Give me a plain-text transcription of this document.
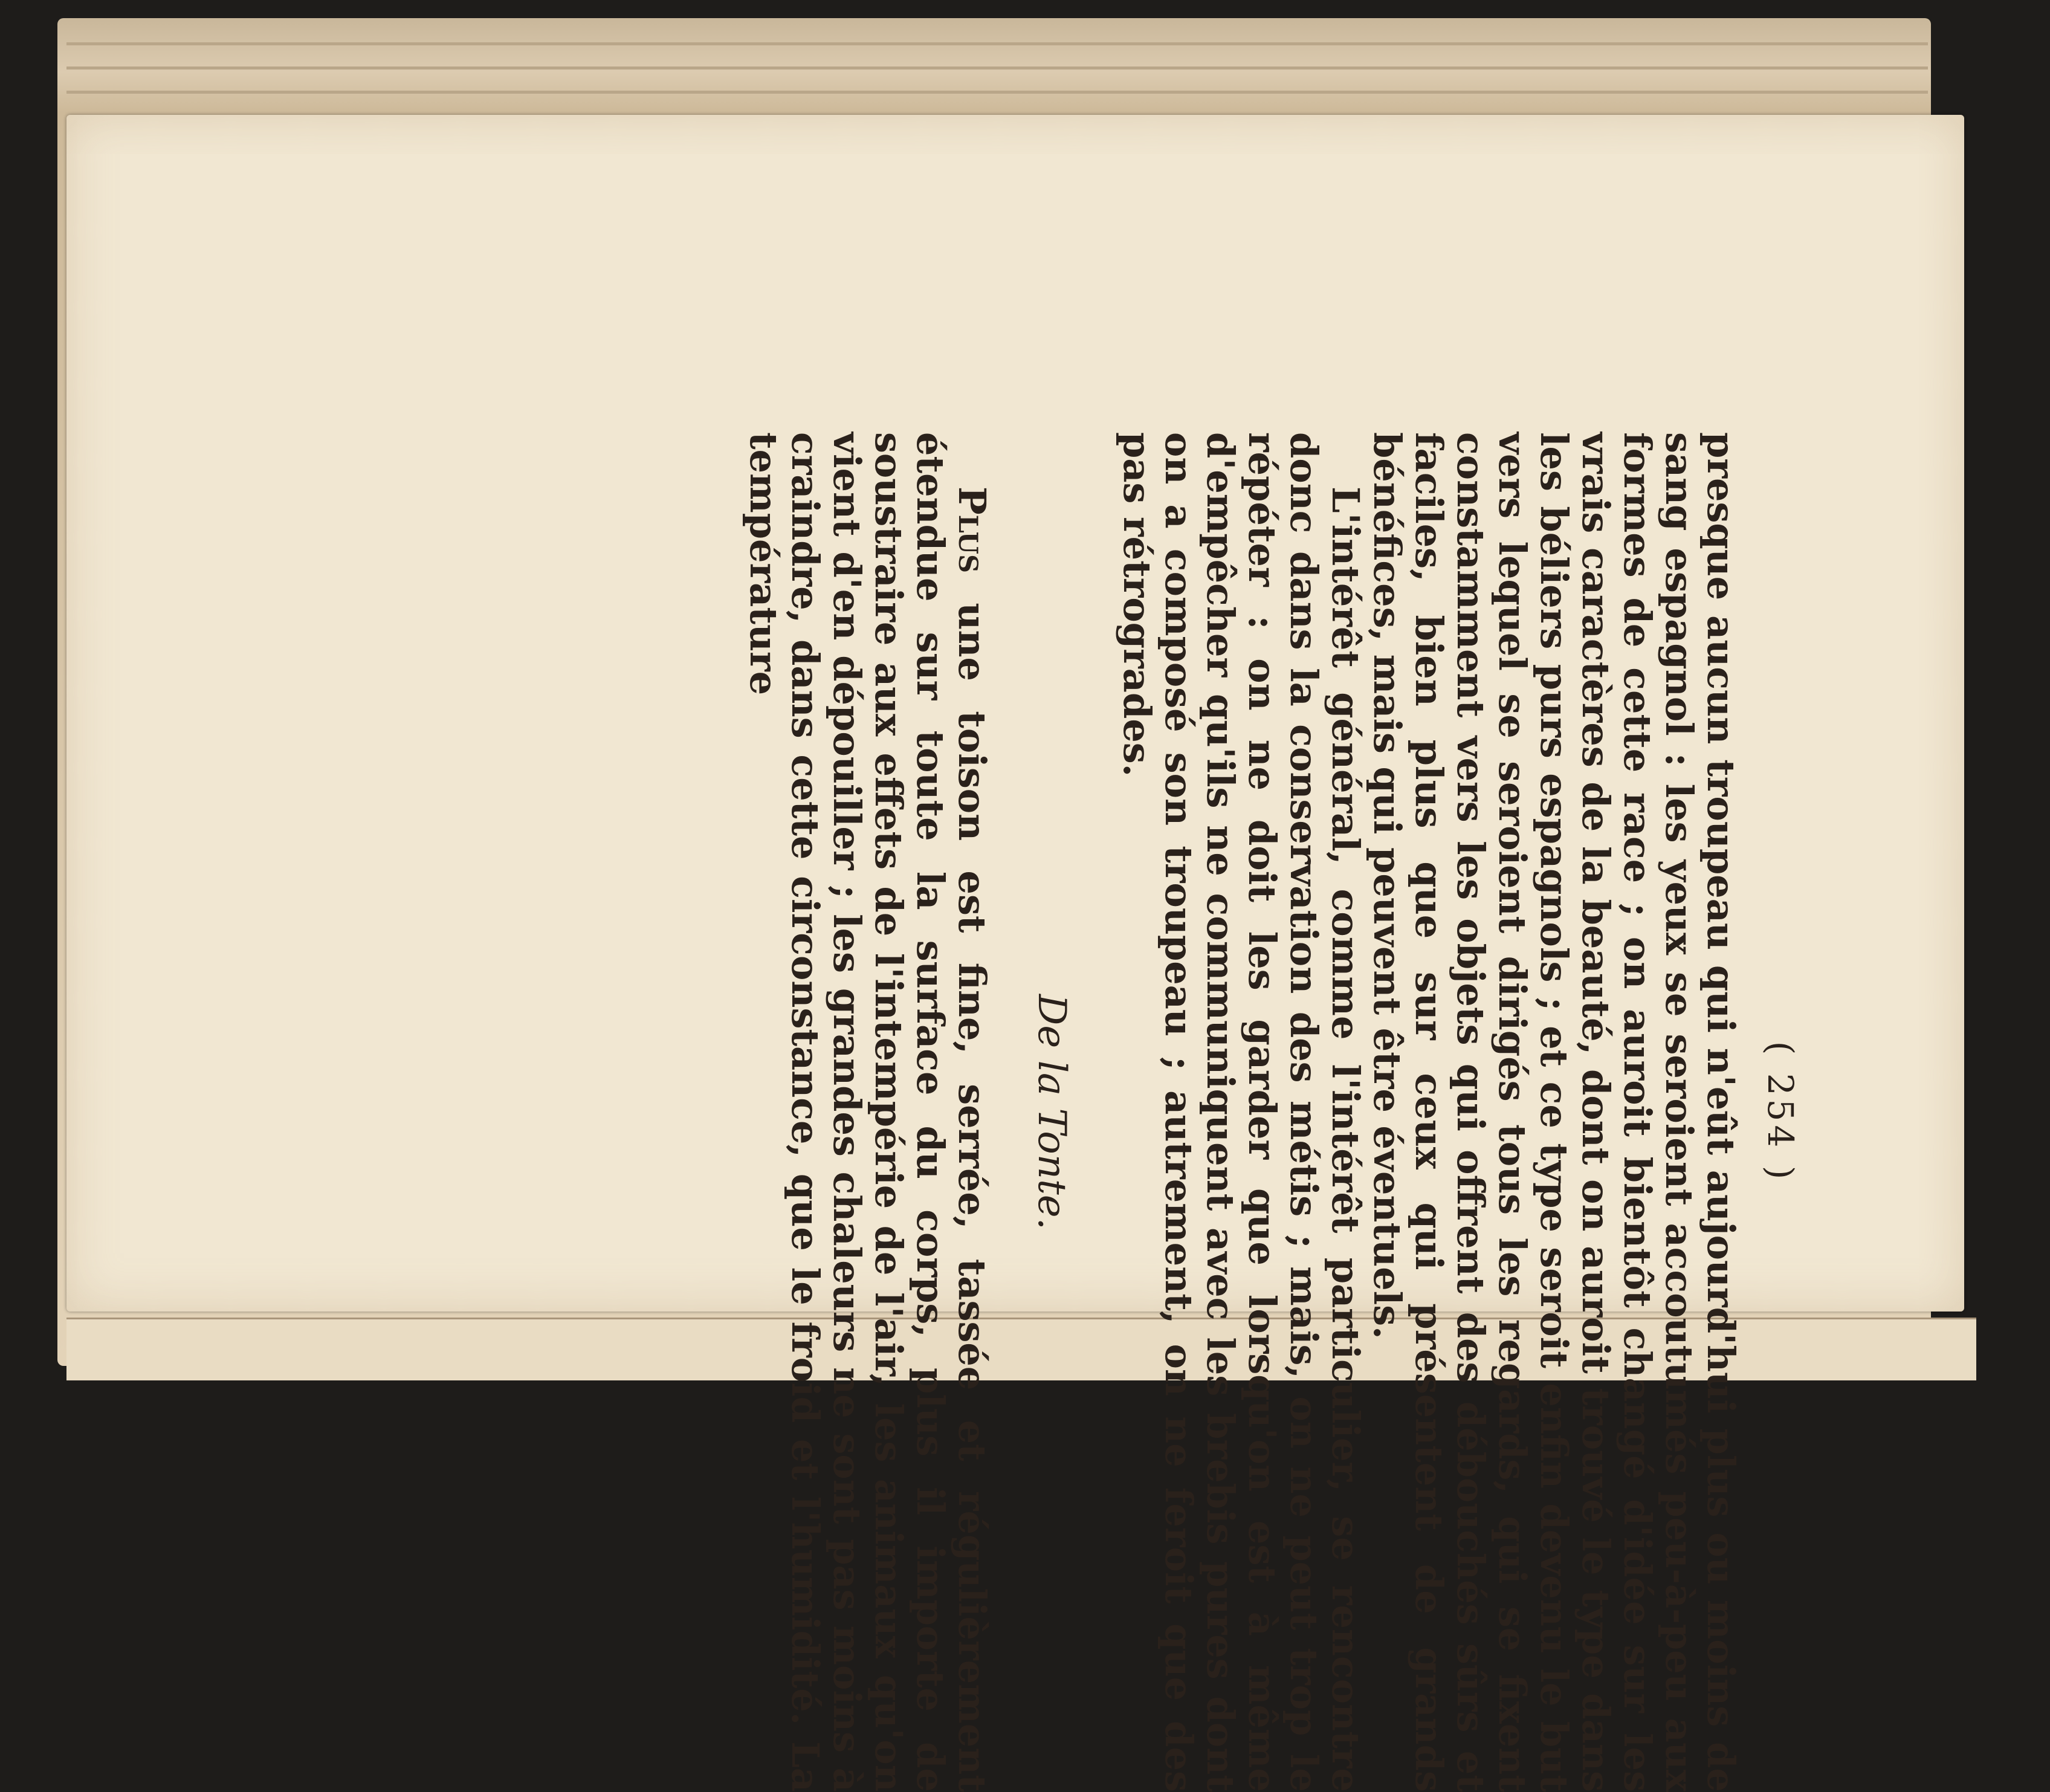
( 254 )

presque aucun troupeau qui n'eût aujourd'hui plus ou moins de sang espagnol : les yeux se seroient accoutumés peu-à-peu aux formes de cette race ; on auroit bientôt changé d'idée sur les vrais caractères de la beauté, dont on auroit trouvé le type dans les béliers purs espagnols ; et ce type seroit enfin devenu le but vers lequel se seroient dirigés tous les regards, qui se fixent constamment vers les objets qui offrent des débouchés sûrs et faciles, bien plus que sur ceux qui présentent de grands bénéfices, mais qui peuvent être éventuels.

L'intérêt général, comme l'intérêt particulier, se rencontre donc dans la conservation des métis ; mais, on ne peut trop le répéter : on ne doit les garder que lorsqu'on est à même d'empêcher qu'ils ne communiquent avec les brebis pures dont on a composé son troupeau ; autrement, on ne feroit que des pas rétrogrades.

De la Tonte.

Plus une toison est fine, serrée, tassée et régulièrement étendue sur toute la surface du corps, plus il importe de soustraire aux effets de l'intempérie de l'air, les animaux qu'on vient d'en dépouiller ; les grandes chaleurs ne sont pas moins à craindre, dans cette circonstance, que le froid et l'humidité. La température
